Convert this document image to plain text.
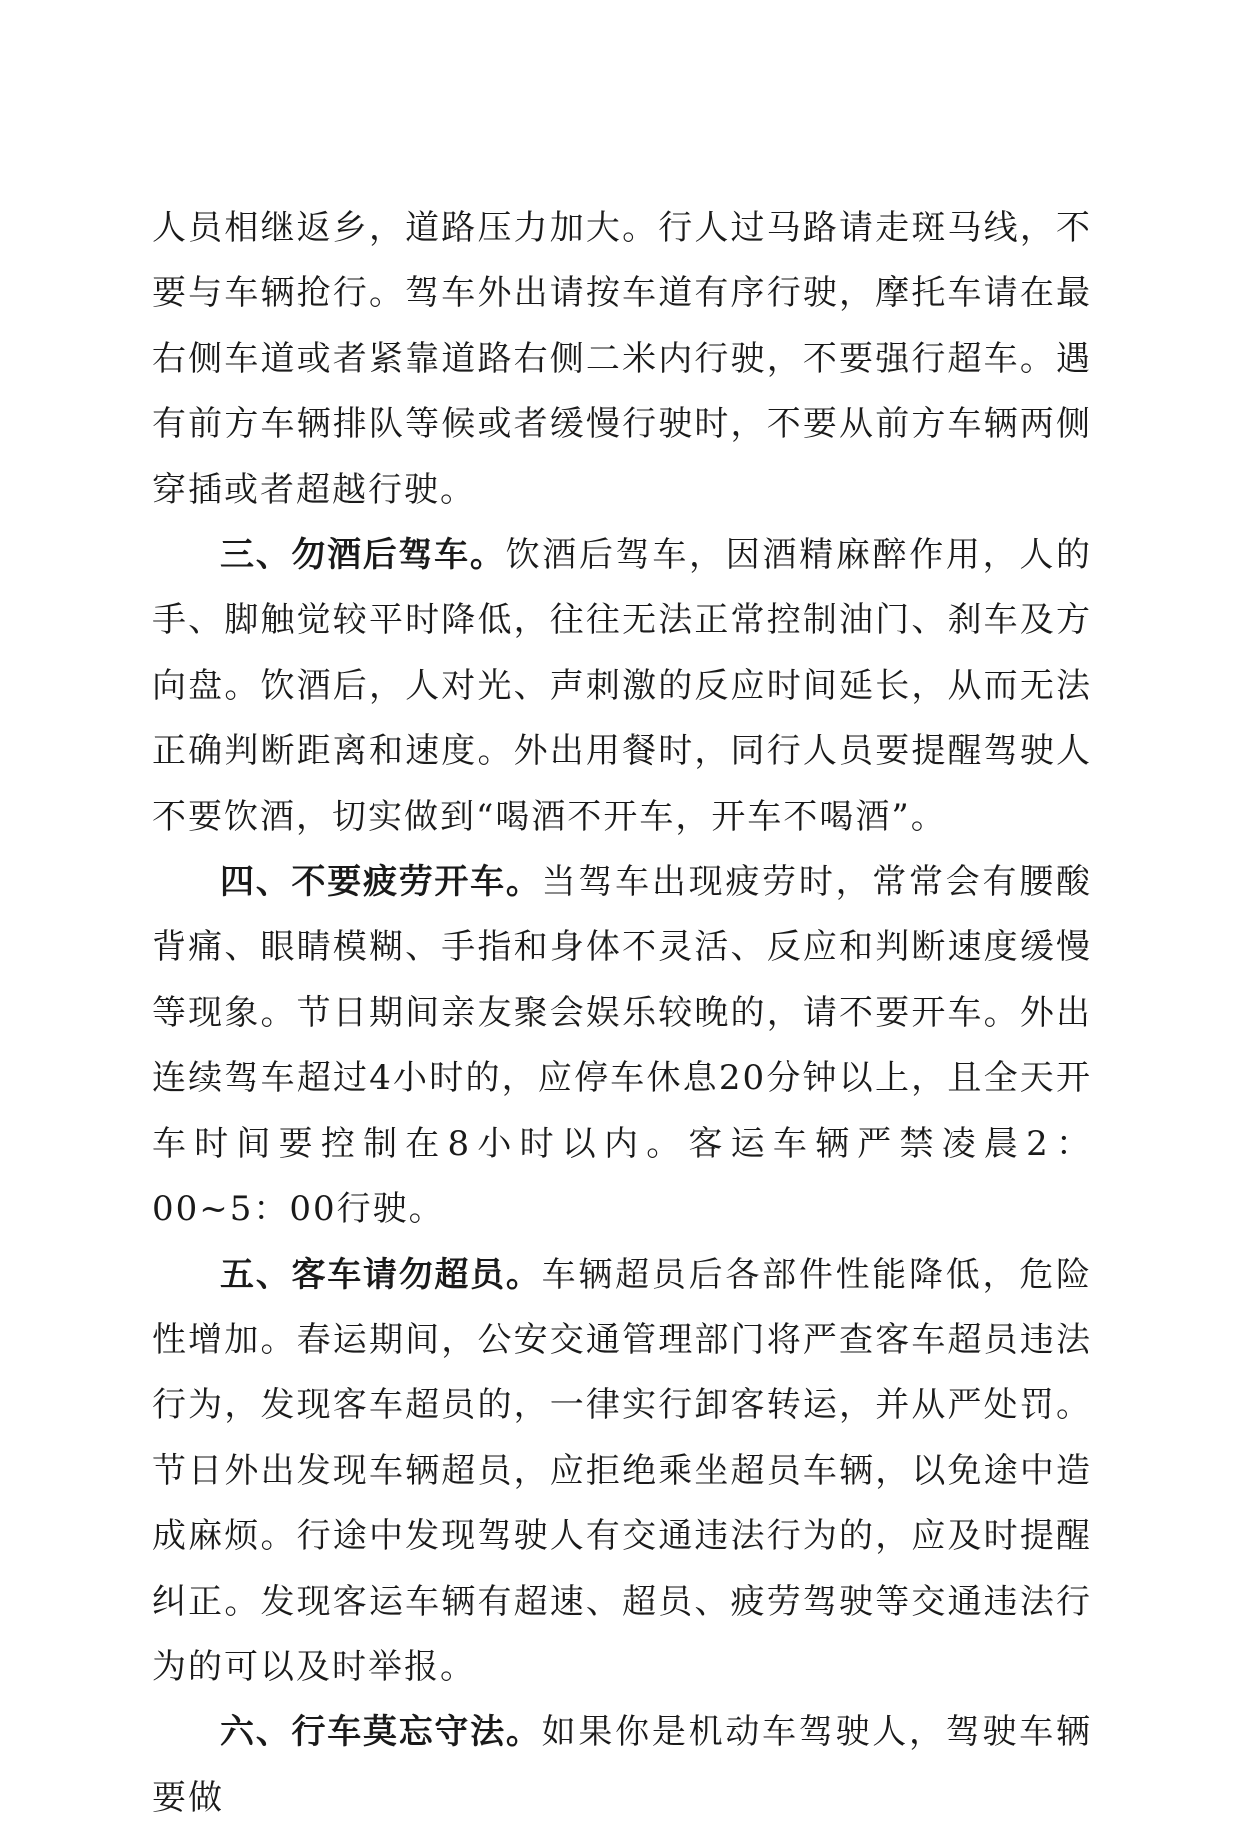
人员相继返乡，道路压力加大。行人过马路请走斑马线，不要与车辆抢行。驾车外出请按车道有序行驶，摩托车请在最右侧车道或者紧靠道路右侧二米内行驶，不要强行超车。遇有前方车辆排队等候或者缓慢行驶时，不要从前方车辆两侧穿插或者超越行驶。

三、勿酒后驾车。饮酒后驾车，因酒精麻醉作用，人的手、脚触觉较平时降低，往往无法正常控制油门、刹车及方向盘。饮酒后，人对光、声刺激的反应时间延长，从而无法正确判断距离和速度。外出用餐时，同行人员要提醒驾驶人不要饮酒，切实做到“喝酒不开车，开车不喝酒”。

四、不要疲劳开车。当驾车出现疲劳时，常常会有腰酸背痛、眼睛模糊、手指和身体不灵活、反应和判断速度缓慢等现象。节日期间亲友聚会娱乐较晚的，请不要开车。外出连续驾车超过4小时的，应停车休息20分钟以上，且全天开车时间要控制在8小时以内。客运车辆严禁凌晨2：00~5：00行驶。

五、客车请勿超员。车辆超员后各部件性能降低，危险性增加。春运期间，公安交通管理部门将严查客车超员违法行为，发现客车超员的，一律实行卸客转运，并从严处罚。节日外出发现车辆超员，应拒绝乘坐超员车辆，以免途中造成麻烦。行途中发现驾驶人有交通违法行为的，应及时提醒纠正。发现客运车辆有超速、超员、疲劳驾驶等交通违法行为的可以及时举报。

六、行车莫忘守法。如果你是机动车驾驶人，驾驶车辆要做
